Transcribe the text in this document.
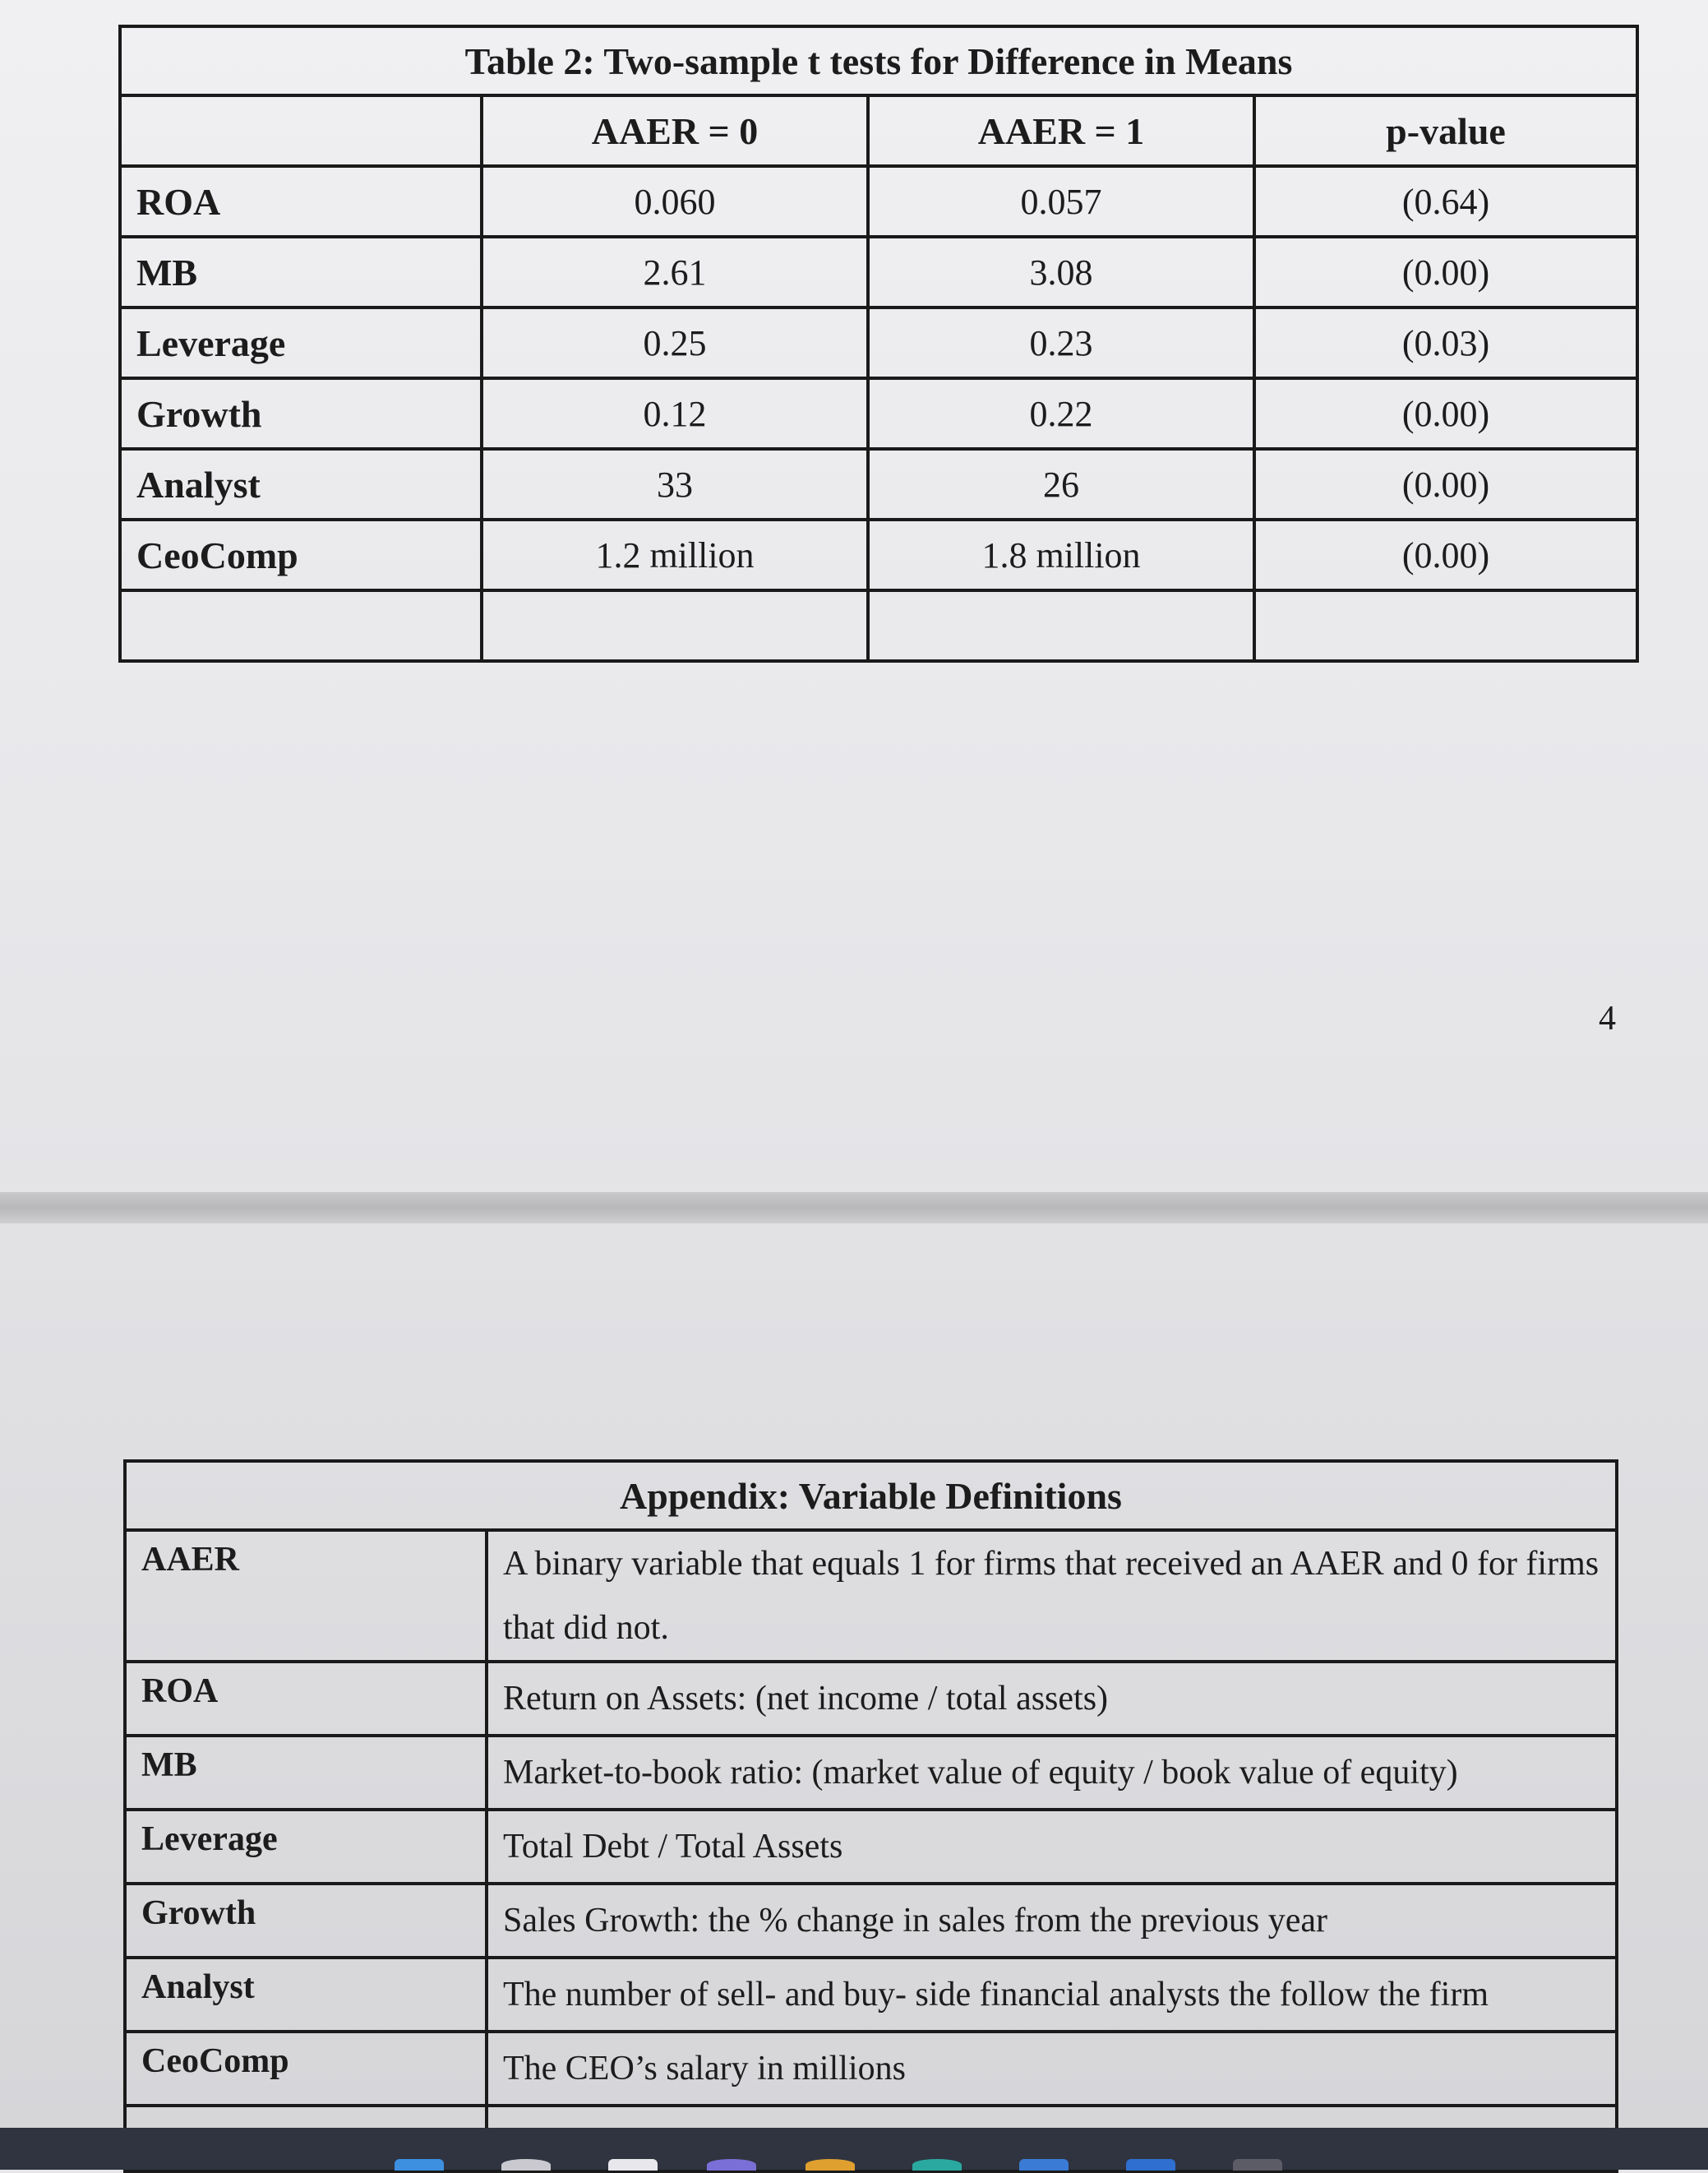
Table 2: Two-sample t tests for Difference in Means			
	AAER = 0	AAER = 1	p-value
ROA	0.060	0.057	(0.64)
MB	2.61	3.08	(0.00)
Leverage	0.25	0.23	(0.03)
Growth	0.12	0.22	(0.00)
Analyst	33	26	(0.00)
CeoComp	1.2 million	1.8 million	(0.00)

4
Appendix: Variable Definitions	
AAER	A binary variable that equals 1 for firms that received an AAER and 0 for firms that did not.
ROA	Return on Assets: (net income / total assets)
MB	Market-to-book ratio: (market value of equity / book value of equity)
Leverage	Total Debt / Total Assets
Growth	Sales Growth: the % change in sales from the previous year
Analyst	The number of sell- and buy- side financial analysts the follow the firm
CeoComp	The CEO’s salary in millions
